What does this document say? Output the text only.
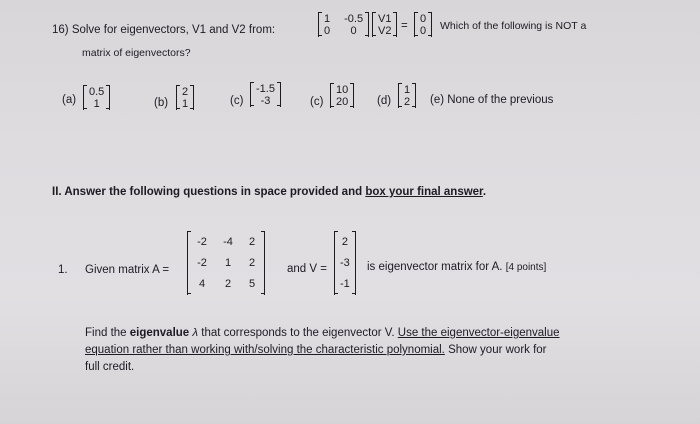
16) Solve for eigenvectors, V1 and V2 from:
1 -0.5
0	0
V1
V2 =
0
0 Which of the following is NOT a
matrix of eigenvectors?
(a)
0.5
1	(b)
2
1	(c)
-1.5
-3	(c)
10
20	(d)
1
2 (e) None of the previous
II. Answer the following questions in space provided and box your final answer.
1. Given matrix A =
-2	-4	2
-2	1	2
4	2	5
and V =
2
-3
-1
is eigenvector matrix for A. [4 points]
Find the eigenvalue λ that corresponds to the eigenvector V. Use the eigenvector-eigenvalue
equation rather than working with/solving the characteristic polynomial. Show your work for
full credit.
